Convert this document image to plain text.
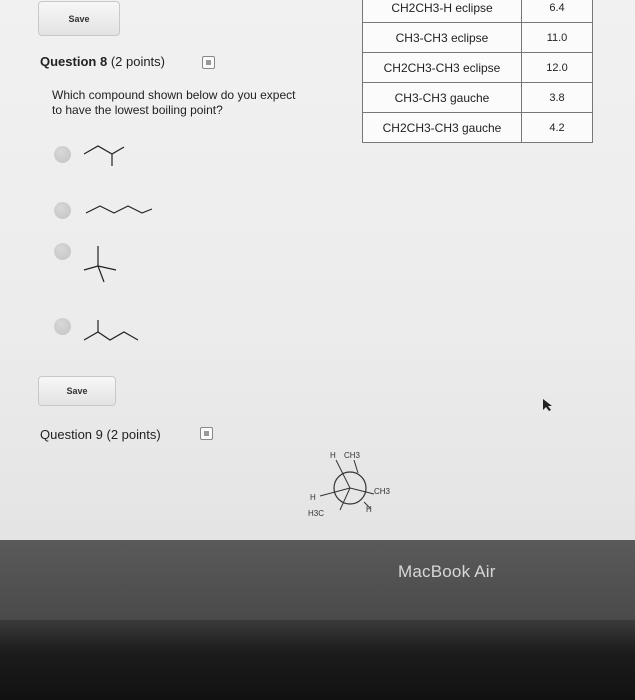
Save
CH2CH3-H eclipse	6.4
CH3-CH3 eclipse	11.0
CH2CH3-CH3 eclipse	12.0
CH3-CH3 gauche	3.8
CH2CH3-CH3 gauche	4.2
Question 8 (2 points)
Which compound shown below do you expect
to have the lowest boiling point?
Save
Question 9 (2 points)
H CH3
H
CH3
H3C	H
MacBook Air
